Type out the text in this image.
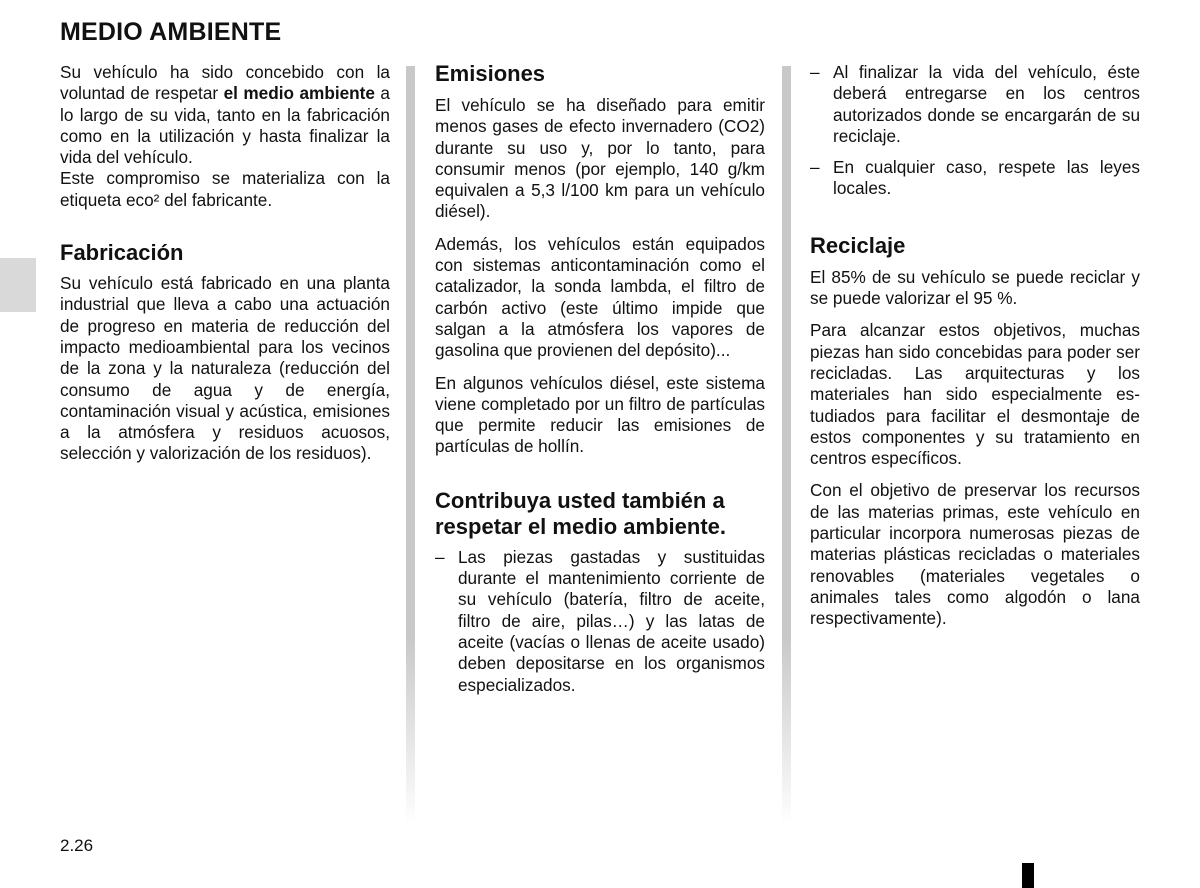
MEDIO AMBIENTE

Su vehículo ha sido concebido con la voluntad de respetar el medio ambiente a lo largo de su vida, tanto en la fabricación como en la utilización y hasta finalizar la vida del vehículo.

Este compromiso se materializa con la etiqueta eco² del fabricante.

Fabricación

Su vehículo está fabricado en una planta industrial que lleva a cabo una actuación de progreso en materia de reducción del impacto medioambiental para los vecinos de la zona y la naturaleza (reducción del consumo de agua y de energía, contaminación visual y acústica, emisiones a la atmósfera y residuos acuosos, selección y valorización de los residuos).

Emisiones

El vehículo se ha diseñado para emitir menos gases de efecto invernadero (CO2) durante su uso y, por lo tanto, para consumir menos (por ejemplo, 140 g/km equivalen a 5,3 l/100 km para un vehículo diésel).

Además, los vehículos están equipados con sistemas anticontaminación como el catalizador, la sonda lambda, el filtro de carbón activo (este último impide que salgan a la atmósfera los vapores de gasolina que provienen del depósito)...

En algunos vehículos diésel, este sistema viene completado por un filtro de partículas que permite reducir las emisiones de partículas de hollín.

Contribuya usted también a respetar el medio ambiente.
– Las piezas gastadas y sustituidas durante el mantenimiento corriente de su vehículo (batería, filtro de aceite, filtro de aire, pilas…) y las latas de aceite (vacías o llenas de aceite usado) deben depositarse en los organismos especializados.
– Al finalizar la vida del vehículo, éste deberá entregarse en los centros autorizados donde se encargarán de su reciclaje.
– En cualquier caso, respete las leyes locales.
Reciclaje

El 85% de su vehículo se puede reciclar y se puede valorizar el 95 %.

Para alcanzar estos objetivos, muchas piezas han sido concebidas para poder ser recicladas. Las arquitecturas y los materiales han sido especialmente estudiados para facilitar el desmontaje de estos componentes y su tratamiento en centros específicos.

Con el objetivo de preservar los recursos de las materias primas, este vehículo en particular incorpora numerosas piezas de materias plásticas recicladas o materiales renovables (materiales vegetales o animales tales como algodón o lana respectivamente).

2.26
